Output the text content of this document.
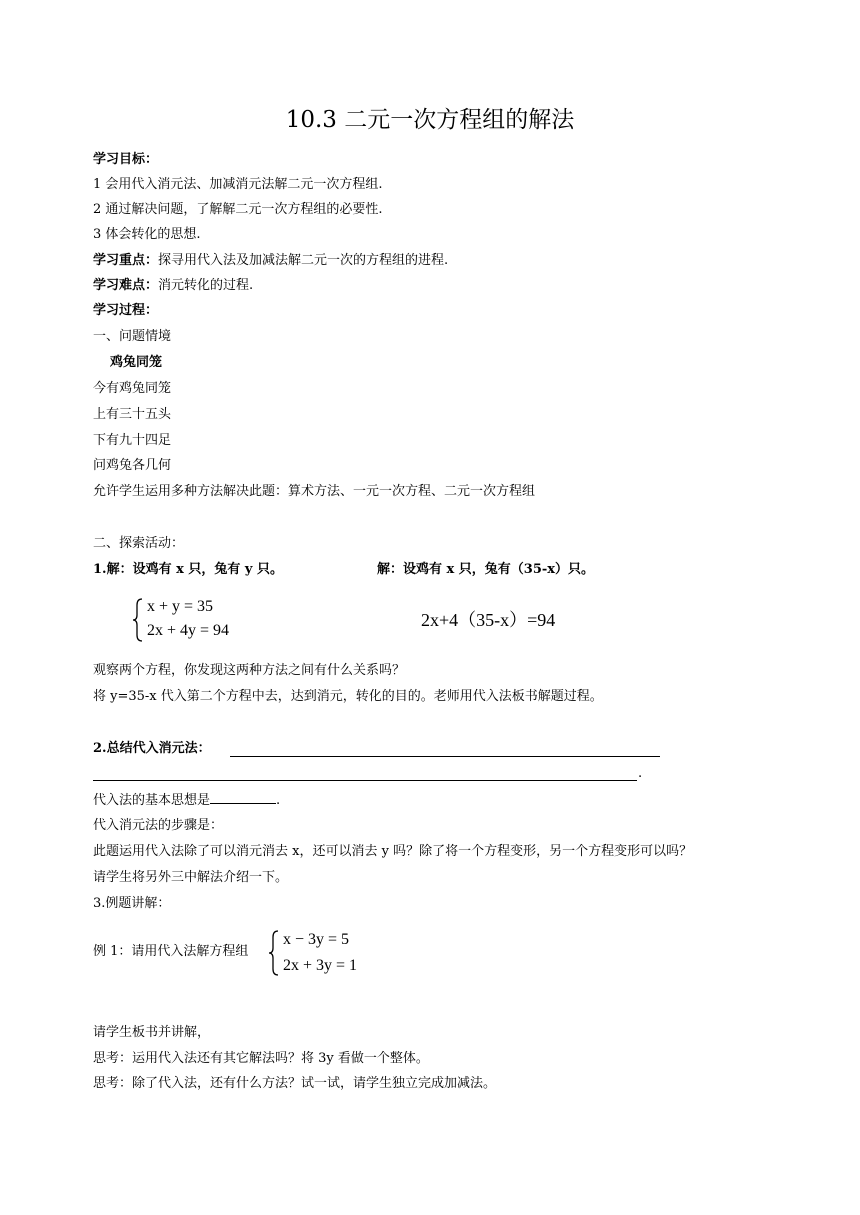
10.3 二元一次方程组的解法
学习目标：
1 会用代入消元法、加减消元法解二元一次方程组.
2 通过解决问题，了解解二元一次方程组的必要性.
3 体会转化的思想.
学习重点：探寻用代入法及加减法解二元一次的方程组的进程.
学习难点：消元转化的过程.
学习过程：
一、问题情境
鸡兔同笼
今有鸡兔同笼
上有三十五头
下有九十四足
问鸡兔各几何
允许学生运用多种方法解决此题：算术方法、一元一次方程、二元一次方程组
二、探索活动：
1.解：设鸡有 x 只，兔有 y 只。	解：设鸡有 x 只，兔有（35-x）只。
x + y = 35
2x + 4y = 94
2x+4（35-x）=94
观察两个方程，你发现这两种方法之间有什么关系吗？
将 y=35-x 代入第二个方程中去，达到消元，转化的目的。老师用代入法板书解题过程。
2.总结代入消元法：
.
代入法的基本思想是	.
代入消元法的步骤是：
此题运用代入法除了可以消元消去 x，还可以消去 y 吗？除了将一个方程变形，另一个方程变形可以吗？
请学生将另外三中解法介绍一下。
3.例题讲解：
例 1：请用代入法解方程组
x − 3y = 5
2x + 3y = 1
请学生板书并讲解，
思考：运用代入法还有其它解法吗？将 3y 看做一个整体。
思考：除了代入法，还有什么方法？试一试，请学生独立完成加减法。
